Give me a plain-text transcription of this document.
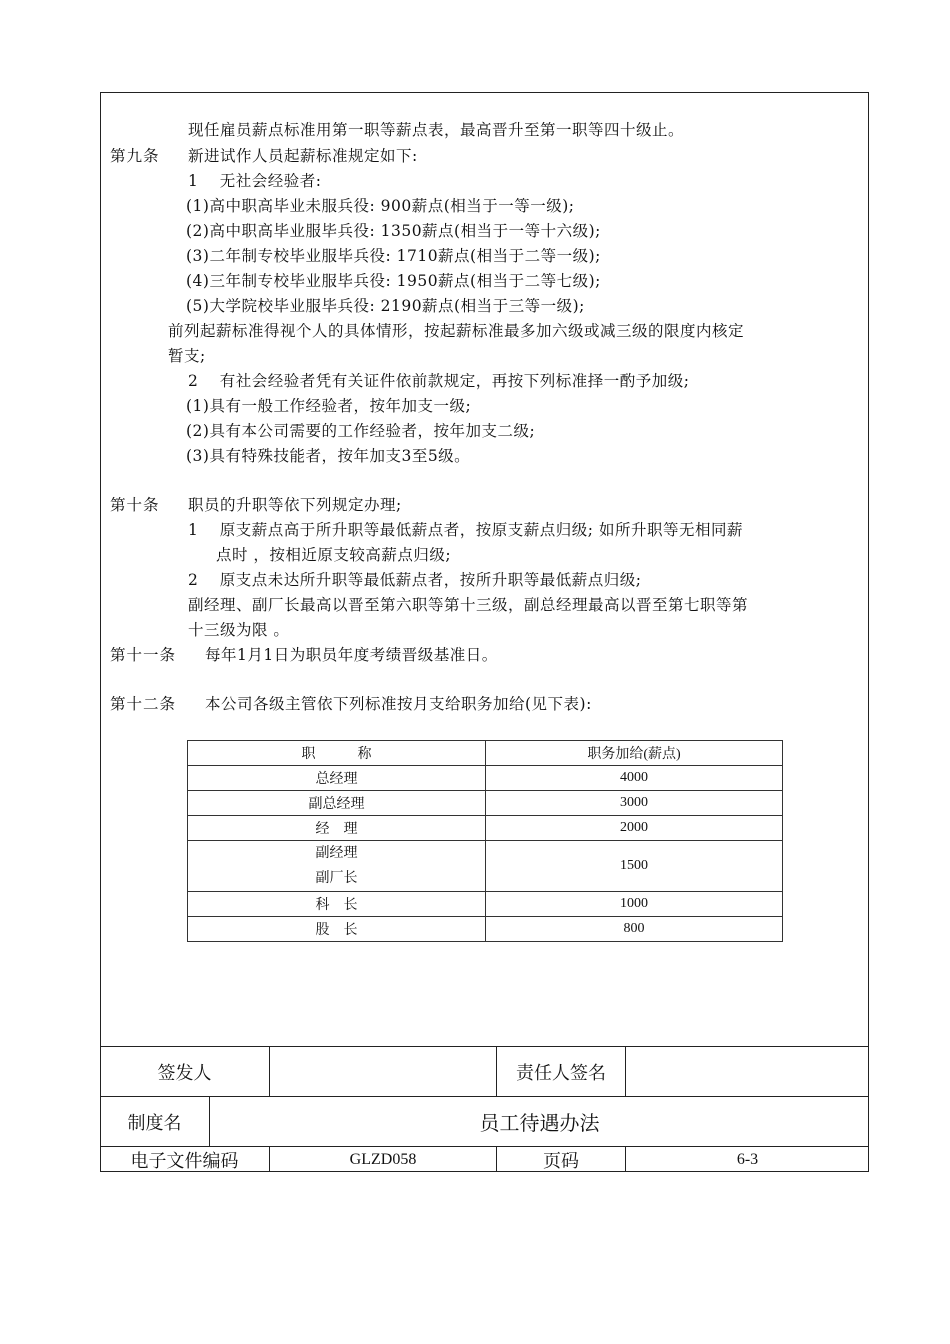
现任雇员薪点标准用第一职等薪点表，最高晋升至第一职等四十级止。
第九条 新进试作人员起薪标准规定如下:
1　 无社会经验者:
(1)高中职高毕业未服兵役: 900薪点(相当于一等一级);
(2)高中职高毕业服毕兵役: 1350薪点(相当于一等十六级);
(3)二年制专校毕业服毕兵役: 1710薪点(相当于二等一级);
(4)三年制专校毕业服毕兵役: 1950薪点(相当于二等七级);
(5)大学院校毕业服毕兵役: 2190薪点(相当于三等一级);
前列起薪标准得视个人的具体情形，按起薪标准最多加六级或减三级的限度内核定
暂支;
2　 有社会经验者凭有关证件依前款规定，再按下列标准择一酌予加级;
(1)具有一般工作经验者，按年加支一级;
(2)具有本公司需要的工作经验者，按年加支二级;
(3)具有特殊技能者，按年加支3至5级。
第十条 职员的升职等依下列规定办理;
1　 原支薪点高于所升职等最低薪点者，按原支薪点归级; 如所升职等无相同薪
点时 ，按相近原支较高薪点归级;
2　 原支点未达所升职等最低薪点者，按所升职等最低薪点归级;
副经理、副厂长最高以晋至第六职等第十三级，副总经理最高以晋至第七职等第
十三级为限 。
第十一条 每年1月1日为职员年度考绩晋级基准日。
第十二条 本公司各级主管依下列标准按月支给职务加给(见下表):
职　　　称	职务加给(薪点)
总经理	4000
副总经理	3000
经　理	2000

副经理
副厂长	1500
科　长	1000
股　长	800
签发人	责任人签名
制度名	员工待遇办法
电子文件编码	GLZD058	页码	6-3
